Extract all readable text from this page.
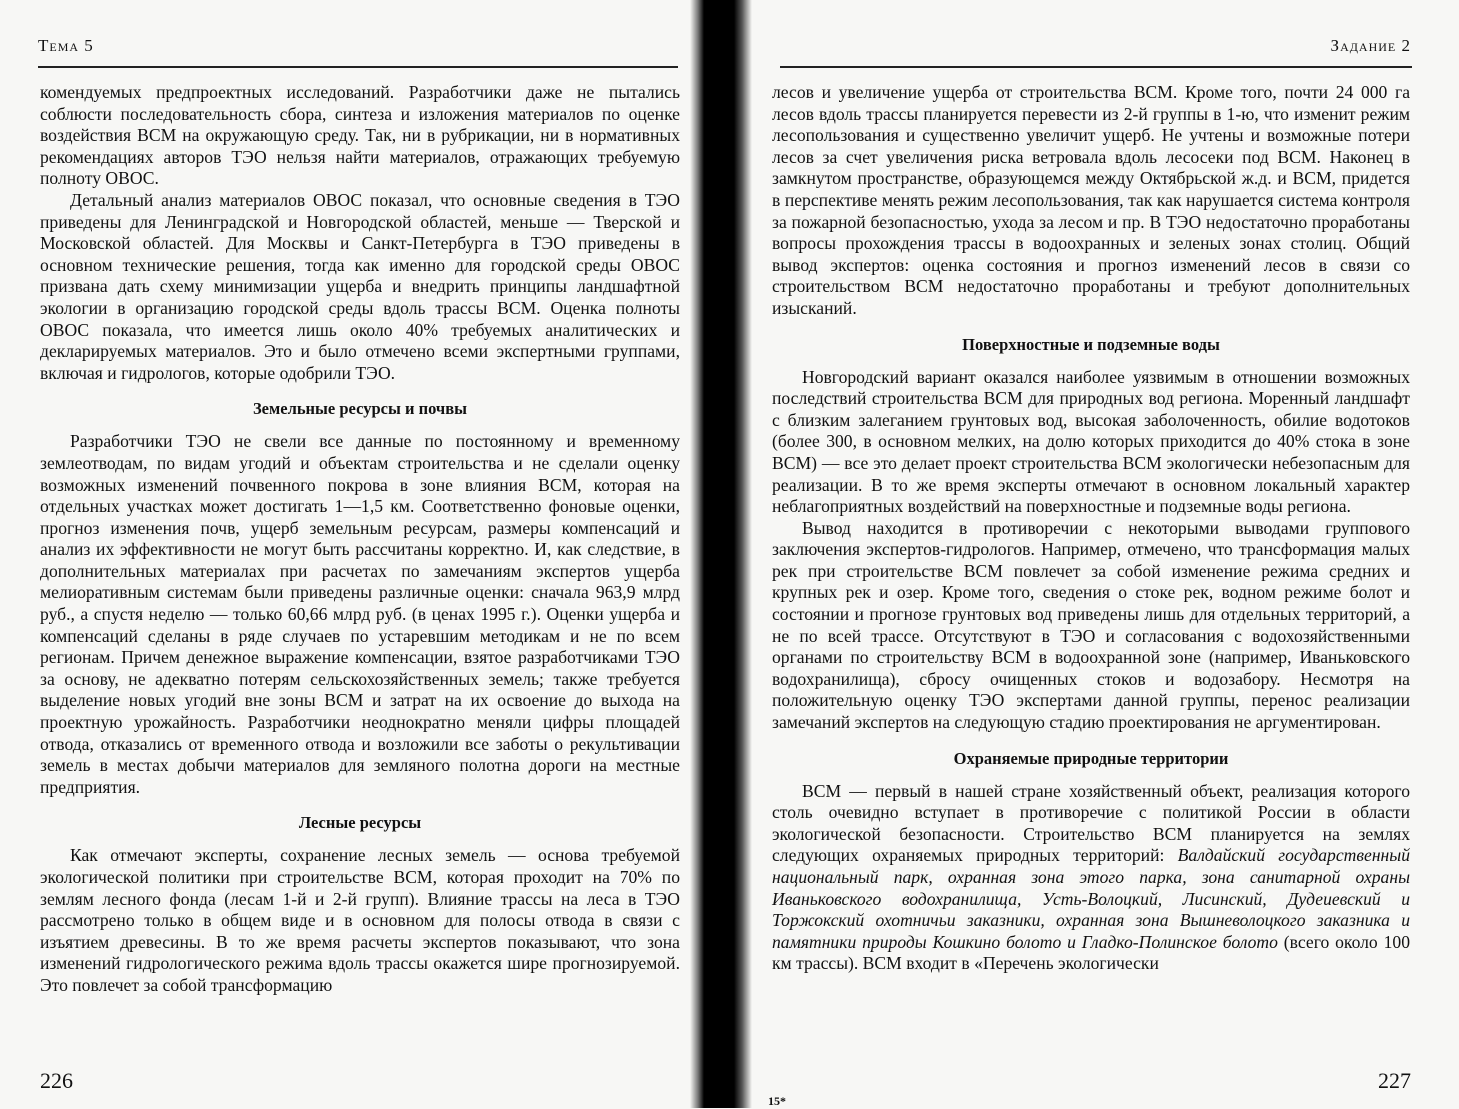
Тема 5

комендуемых предпроектных исследований. Разработчики даже не пытались соблюсти последовательность сбора, синтеза и изложения материалов по оценке воздействия ВСМ на окружающую среду. Так, ни в рубрикации, ни в нормативных рекомендациях авторов ТЭО нельзя найти материалов, отражающих требуемую полноту ОВОС.

Детальный анализ материалов ОВОС показал, что основные сведения в ТЭО приведены для Ленинградской и Новгородской областей, меньше — Тверской и Московской областей. Для Москвы и Санкт-Петербурга в ТЭО приведены в основном технические решения, тогда как именно для городской среды ОВОС призвана дать схему минимизации ущерба и внедрить принципы ландшафтной экологии в организацию городской среды вдоль трассы ВСМ. Оценка полноты ОВОС показала, что имеется лишь около 40% требуемых аналитических и декларируемых материалов. Это и было отмечено всеми экспертными группами, включая и гидрологов, которые одобрили ТЭО.

Земельные ресурсы и почвы

Разработчики ТЭО не свели все данные по постоянному и временному землеотводам, по видам угодий и объектам строительства и не сделали оценку возможных изменений почвенного покрова в зоне влияния ВСМ, которая на отдельных участках может достигать 1—1,5 км. Соответственно фоновые оценки, прогноз изменения почв, ущерб земельным ресурсам, размеры компенсаций и анализ их эффективности не могут быть рассчитаны корректно. И, как следствие, в дополнительных материалах при расчетах по замечаниям экспертов ущерба мелиоративным системам были приведены различные оценки: сначала 963,9 млрд руб., а спустя неделю — только 60,66 млрд руб. (в ценах 1995 г.). Оценки ущерба и компенсаций сделаны в ряде случаев по устаревшим методикам и не по всем регионам. Причем денежное выражение компенсации, взятое разработчиками ТЭО за основу, не адекватно потерям сельскохозяйственных земель; также требуется выделение новых угодий вне зоны ВСМ и затрат на их освоение до выхода на проектную урожайность. Разработчики неоднократно меняли цифры площадей отвода, отказались от временного отвода и возложили все заботы о рекультивации земель в местах добычи материалов для земляного полотна дороги на местные предприятия.

Лесные ресурсы

Как отмечают эксперты, сохранение лесных земель — основа требуемой экологической политики при строительстве ВСМ, которая проходит на 70% по землям лесного фонда (лесам 1-й и 2-й групп). Влияние трассы на леса в ТЭО рассмотрено только в общем виде и в основном для полосы отвода в связи с изъятием древесины. В то же время расчеты экспертов показывают, что зона изменений гидрологического режима вдоль трассы окажется шире прогнозируемой. Это повлечет за собой трансформацию

226
Задание 2

лесов и увеличение ущерба от строительства ВСМ. Кроме того, почти 24 000 га лесов вдоль трассы планируется перевести из 2-й группы в 1-ю, что изменит режим лесопользования и существенно увеличит ущерб. Не учтены и возможные потери лесов за счет увеличения риска ветровала вдоль лесосеки под ВСМ. Наконец в замкнутом пространстве, образующемся между Октябрьской ж.д. и ВСМ, придется в перспективе менять режим лесопользования, так как нарушается система контроля за пожарной безопасностью, ухода за лесом и пр. В ТЭО недостаточно проработаны вопросы прохождения трассы в водоохранных и зеленых зонах столиц. Общий вывод экспертов: оценка состояния и прогноз изменений лесов в связи со строительством ВСМ недостаточно проработаны и требуют дополнительных изысканий.

Поверхностные и подземные воды

Новгородский вариант оказался наиболее уязвимым в отношении возможных последствий строительства ВСМ для природных вод региона. Моренный ландшафт с близким залеганием грунтовых вод, высокая заболоченность, обилие водотоков (более 300, в основном мелких, на долю которых приходится до 40% стока в зоне ВСМ) — все это делает проект строительства ВСМ экологически небезопасным для реализации. В то же время эксперты отмечают в основном локальный характер неблагоприятных воздействий на поверхностные и подземные воды региона.

Вывод находится в противоречии с некоторыми выводами группового заключения экспертов-гидрологов. Например, отмечено, что трансформация малых рек при строительстве ВСМ повлечет за собой изменение режима средних и крупных рек и озер. Кроме того, сведения о стоке рек, водном режиме болот и состоянии и прогнозе грунтовых вод приведены лишь для отдельных территорий, а не по всей трассе. Отсутствуют в ТЭО и согласования с водохозяйственными органами по строительству ВСМ в водоохранной зоне (например, Иваньковского водохранилища), сбросу очищенных стоков и водозабору. Несмотря на положительную оценку ТЭО экспертами данной группы, перенос реализации замечаний экспертов на следующую стадию проектирования не аргументирован.

Охраняемые природные территории

ВСМ — первый в нашей стране хозяйственный объект, реализация которого столь очевидно вступает в противоречие с политикой России в области экологической безопасности. Строительство ВСМ планируется на землях следующих охраняемых природных территорий: Валдайский государственный национальный парк, охранная зона этого парка, зона санитарной охраны Иваньковского водохранилища, Усть-Волоцкий, Лисинский, Дудеиевский и Торжокский охотничьи заказники, охранная зона Вышневолоцкого заказника и памятники природы Кошкино болото и Гладко-Полинское болото (всего около 100 км трассы). ВСМ входит в «Перечень экологически

227
15*
